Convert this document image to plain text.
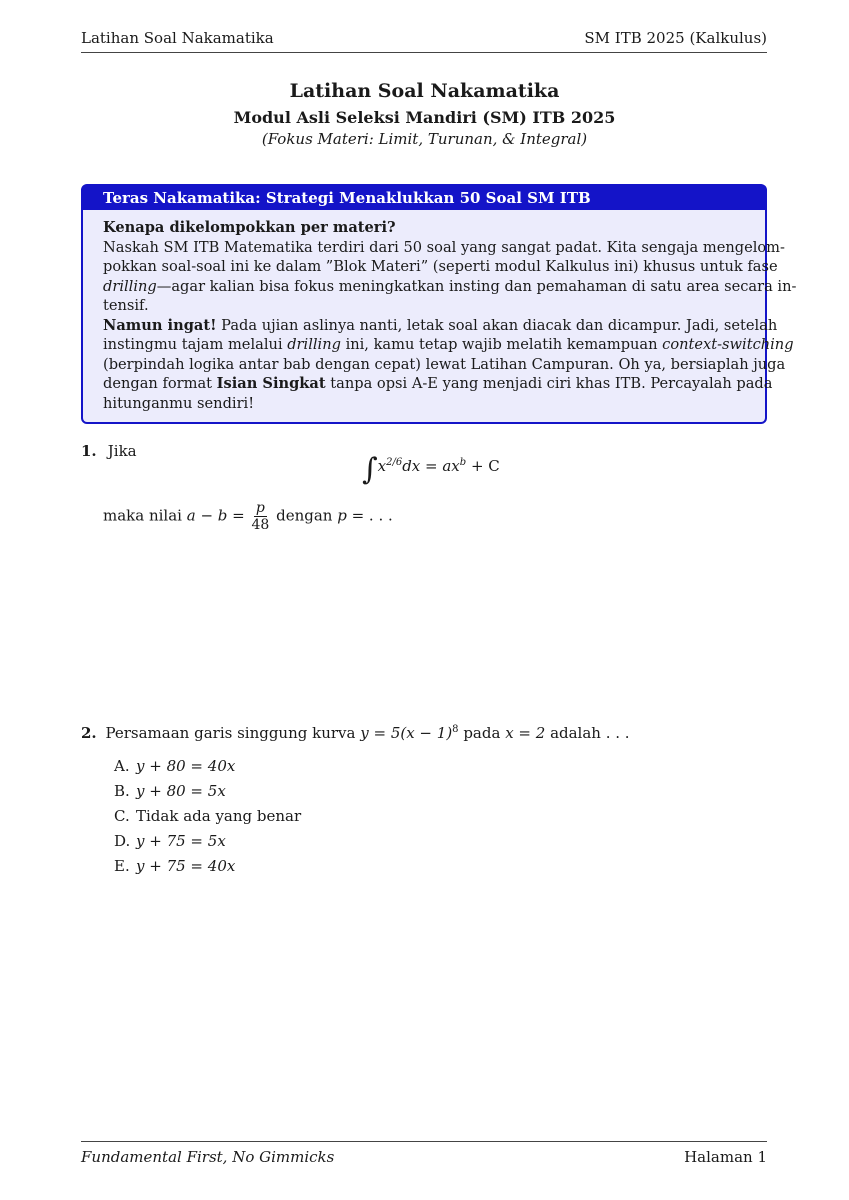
Latihan Soal Nakamatika	SM ITB 2025 (Kalkulus)
Latihan Soal Nakamatika
Modul Asli Seleksi Mandiri (SM) ITB 2025
(Fokus Materi: Limit, Turunan, & Integral)
Teras Nakamatika: Strategi Menaklukkan 50 Soal SM ITB
Kenapa dikelompokkan per materi?
Naskah SM ITB Matematika terdiri dari 50 soal yang sangat padat. Kita sengaja mengelom-
pokkan soal-soal ini ke dalam ”Blok Materi” (seperti modul Kalkulus ini) khusus untuk fase
drilling—agar kalian bisa fokus meningkatkan insting dan pemahaman di satu area secara in-
tensif.
Namun ingat! Pada ujian aslinya nanti, letak soal akan diacak dan dicampur. Jadi, setelah
instingmu tajam melalui drilling ini, kamu tetap wajib melatih kemampuan context-switching
(berpindah logika antar bab dengan cepat) lewat Latihan Campuran. Oh ya, bersiaplah juga
dengan format Isian Singkat tanpa opsi A-E yang menjadi ciri khas ITB. Percayalah pada
hitunganmu sendiri!
1. Jika
$\int x^{2/6}dx = ax^b + C$
maka nilai $a - b = \frac{p}{48}$ dengan p = . . .
2. Persamaan garis singgung kurva $y = 5(x - 1)^8$ pada x = 2 adalah . . .
A. y + 80 = 40x
B. y + 80 = 5x
C. Tidak ada yang benar
D. y + 75 = 5x
E. y + 75 = 40x
Fundamental First, No Gimmicks	Halaman 1
